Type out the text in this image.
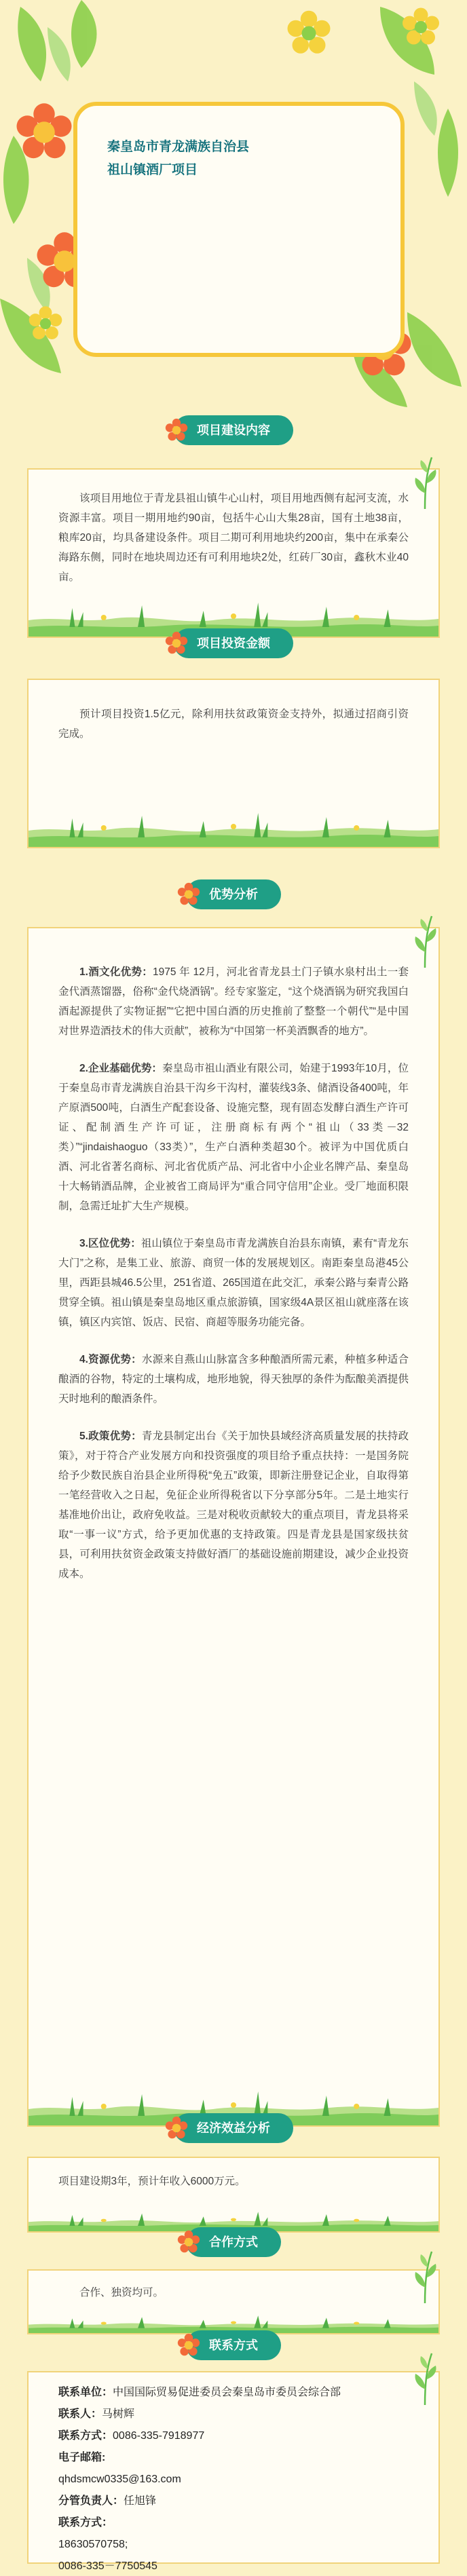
秦皇岛市青龙满族自治县
祖山镇酒厂项目
项目建设内容

该项目用地位于青龙县祖山镇牛心山村，项目用地西侧有起河支流，水资源丰富。项目一期用地约90亩，包括牛心山大集28亩，国有土地38亩，粮库20亩，均具备建设条件。项目二期可利用地块约200亩，集中在承秦公海路东侧，同时在地块周边还有可利用地块2处，红砖厂30亩，鑫秋木业40亩。

项目投资金额

预计项目投资1.5亿元，除利用扶贫政策资金支持外，拟通过招商引资完成。

优势分析

1.酒文化优势：1975 年 12月，河北省青龙县土门子镇水泉村出土一套金代酒蒸馏器，俗称“金代烧酒锅”。经专家鉴定，“这个烧酒锅为研究我国白酒起源提供了实物证据”“它把中国白酒的历史推前了整整一个朝代”“是中国对世界造酒技术的伟大贡献”，被称为“中国第一杯美酒飘香的地方”。

2.企业基础优势：秦皇岛市祖山酒业有限公司，始建于1993年10月，位于秦皇岛市青龙满族自治县干沟乡干沟村，灌装线3条、储酒设备400吨，年产原酒500吨，白酒生产配套设备、设施完整，现有固态发酵白酒生产许可证、配制酒生产许可证，注册商标有两个“祖山（33类－32类）”“jindaishaoguo（33类）”，生产白酒种类超30个。被评为中国优质白酒、河北省著名商标、河北省优质产品、河北省中小企业名牌产品、秦皇岛十大畅销酒品牌，企业被省工商局评为“重合同守信用”企业。受厂地面积限制，急需迁址扩大生产规模。

3.区位优势：祖山镇位于秦皇岛市青龙满族自治县东南镇，素有“青龙东大门”之称，是集工业、旅游、商贸一体的发展规划区。南距秦皇岛港45公里，西距县城46.5公里，251省道、265国道在此交汇，承秦公路与秦青公路贯穿全镇。祖山镇是秦皇岛地区重点旅游镇，国家级4A景区祖山就座落在该镇，镇区内宾馆、饭店、民宿、商超等服务功能完备。

4.资源优势：水源来自燕山山脉富含多种酿酒所需元素，种植多种适合酿酒的谷物，特定的土壤构成，地形地貌，得天独厚的条件为酝酿美酒提供天时地利的酿酒条件。

5.政策优势：青龙县制定出台《关于加快县域经济高质量发展的扶持政策》，对于符合产业发展方向和投资强度的项目给予重点扶持：一是国务院给予少数民族自治县企业所得税“免五”政策，即新注册登记企业，自取得第一笔经营收入之日起，免征企业所得税省以下分享部分5年。二是土地实行基准地价出让，政府免收益。三是对税收贡献较大的重点项目，青龙县将采取“一事一议”方式，给予更加优惠的支持政策。四是青龙县是国家级扶贫县，可利用扶贫资金政策支持做好酒厂的基础设施前期建设，减少企业投资成本。

经济效益分析

项目建设期3年，预计年收入6000万元。

合作方式

合作、独资均可。

联系方式
联系单位：中国国际贸易促进委员会秦皇岛市委员会综合部
联系人：马树辉
联系方式：0086-335-7918977
电子邮箱:
qhdsmcw0335@163.com
分管负责人：任旭锋
联系方式：
18630570758;
0086-335－7750545
